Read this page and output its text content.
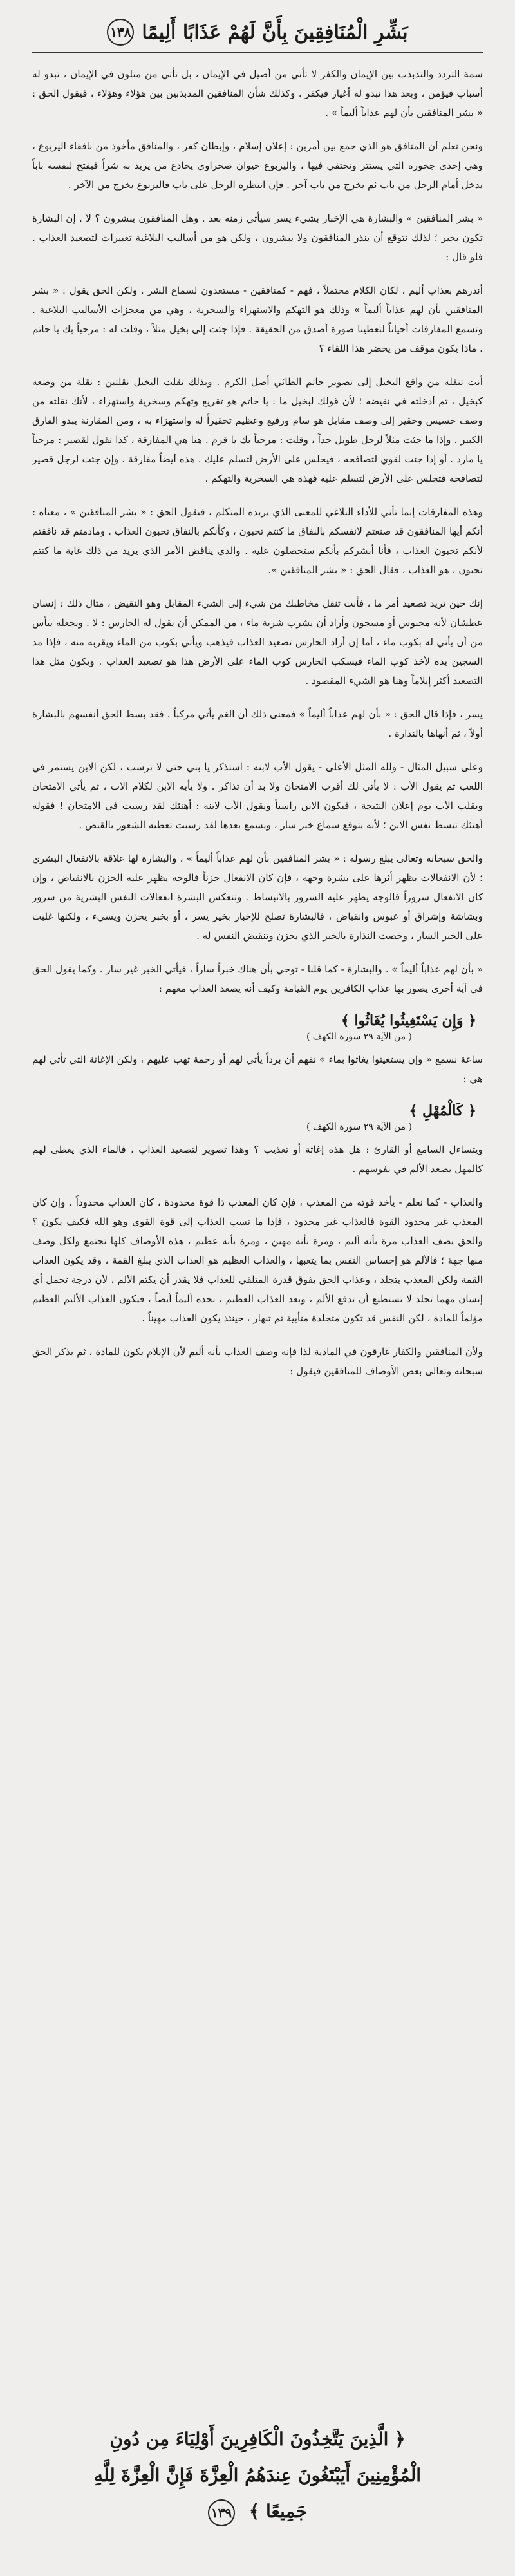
بَشِّرِ الْمُنَافِقِينَ بِأَنَّ لَهُمْ عَذَابًا أَلِيمًا
١٣٨

سمة التردد والتذبذب بين الإيمان والكفر لا تأتي من أصيل في الإيمان ، بل تأتي من متلون في الإيمان ، تبدو له أسباب فيؤمن ، وبعد هذا تبدو له أغيار فيكفر . وكذلك شأن المنافقين المذبذبين بين هؤلاء وهؤلاء ، فيقول الحق : « بشر المنافقين بأن لهم عذاباً أليماً » .

ونحن نعلم أن المنافق هو الذي جمع بين أمرين : إعلان إسلام ، وإبطان كفر ، والمنافق مأخوذ من نافقاء اليربوع ، وهي إحدى جحوره التي يستتر وتختفي فيها ، واليربوع حيوان صحراوي يخادع من يريد به شراً فيفتح لنفسه باباً يدخل أمام الرجل من باب ثم يخرج من باب آخر . فإن انتظره الرجل على باب فاليربوع يخرج من الآخر .

« بشر المنافقين » والبشارة هي الإخبار بشيء يسر سيأتي زمنه بعد . وهل المنافقون يبشرون ؟ لا . إن البشارة تكون بخير ؛ لذلك نتوقع أن ينذر المنافقون ولا يبشرون ، ولكن هو من أساليب البلاغية تعبيرات لتصعيد العذاب . فلو قال :

أنذرهم بعذاب أليم ، لكان الكلام محتملاً ، فهم - كمنافقين - مستعدون لسماع الشر . ولكن الحق يقول : « بشر المنافقين بأن لهم عذاباً أليماً » وذلك هو التهكم والاستهزاء والسخرية ، وهي من معجزات الأساليب البلاغية . وتسمع المفارقات أحياناً لتعطينا صورة أصدق من الحقيقة . فإذا جئت إلى بخيل مثلاً ، وقلت له : مرحباً بك يا حاتم . ماذا يكون موقف من يحضر هذا اللقاء ؟

أنت تنقله من واقع البخيل إلى تصوير حاتم الطائي أصل الكرم . وبذلك نقلت البخيل نقلتين : نقلة من وضعه كبخيل ، ثم أدخلته في نقيضه ؛ لأن قولك لبخيل ما : يا حاتم هو تقريع وتهكم وسخرية واستهزاء ، لأنك نقلته من وصف خسيس وحقير إلى وصف مقابل هو سام ورفيع وعظيم تحقيراً له واستهزاء به ، ومن المقارنة يبدو الفارق الكبير . وإذا ما جئت مثلاً لرجل طويل جداً ، وقلت : مرحباً بك يا قزم . هنا هي المفارقة ، كذا تقول لقصير : مرحباً يا مارد . أو إذا جئت لقوي لتصافحه ، فيجلس على الأرض لتسلم عليك . هذه أيضاً مفارقة . وإن جئت لرجل قصير لتصافحه فتجلس على الأرض لتسلم عليه فهذه هي السخرية والتهكم .

وهذه المفارقات إنما تأتي للأداء البلاغي للمعنى الذي يريده المتكلم ، فيقول الحق : « بشر المنافقين » ، معناه : أنكم أيها المنافقون قد صنعتم لأنفسكم بالنفاق ما كنتم تحبون ، وكأنكم بالنفاق تحبون العذاب . ومادمتم قد نافقتم لأنكم تحبون العذاب ، فأنا أبشركم بأنكم ستحصلون عليه . والذي يناقض الأمر الذي يريد من ذلك غاية ما كنتم تحبون ، هو العذاب ، فقال الحق : « بشر المنافقين ».

إنك حين تريد تصعيد أمر ما ، فأنت تنقل مخاطبك من شيء إلى الشيء المقابل وهو النقيض ، مثال ذلك : إنسان عطشان لأنه محبوس أو مسجون وأراد أن يشرب شربة ماء ، من الممكن أن يقول له الحارس : لا . ويجعله ييأس من أن يأتي له بكوب ماء ، أما إن أراد الحارس تصعيد العذاب فيذهب ويأتي بكوب من الماء ويقربه منه ، فإذا مد السجين يده لأخذ كوب الماء فيسكب الحارس كوب الماء على الأرض هذا هو تصعيد العذاب . ويكون مثل هذا التصعيد أكثر إيلاماً وهنا هو الشيء المقصود .

يسر ، فإذا قال الحق : « بأن لهم عذاباً أليماً » فمعنى ذلك أن الغم يأتي مركباً . فقد بسط الحق أنفسهم بالبشارة أولاً ، ثم أنهاها بالنذارة .

وعلى سبيل المثال - ولله المثل الأعلى - يقول الأب لابنه : استذكر يا بني حتى لا ترسب ، لكن الابن يستمر في اللعب ثم يقول الأب : لا يأتي لك أقرب الامتحان ولا بد أن تذاكر . ولا يأبه الابن لكلام الأب ، ثم يأتي الامتحان ويقلب الأب يوم إعلان النتيجة ، فيكون الابن راسباً ويقول الأب لابنه : أهنئك لقد رسبت في الامتحان ! فقوله أهنئك تبسط نفس الابن ؛ لأنه يتوقع سماع خبر سار ، ويسمع بعدها لقد رسبت تعطيه الشعور بالقبض .

والحق سبحانه وتعالى يبلغ رسوله : « بشر المنافقين بأن لهم عذاباً أليماً » ، والبشارة لها علاقة بالانفعال البشري ؛ لأن الانفعالات بظهر أثرها على بشرة وجهه ، فإن كان الانفعال حزناً فالوجه يظهر عليه الحزن بالانقباض ، وإن كان الانفعال سروراً فالوجه يظهر عليه السرور بالانبساط . وتنعكس البشرة انفعالات النفس البشرية من سرور وبشاشة وإشراق أو عبوس وانقباض ، فالبشارة تصلح للإخبار بخير يسر ، أو بخبر يحزن ويسيء ، ولكنها غلبت على الخبر السار ، وخصت النذارة بالخبر الذي يحزن وتنقبض النفس له .

« بأن لهم عذاباً أليماً » . والبشارة - كما قلنا - توحي بأن هناك خبراً ساراً ، فيأتي الخبر غير سار . وكما يقول الحق في آية أخرى يصور بها عذاب الكافرين يوم القيامة وكيف أنه يصعد العذاب معهم :

﴿ وَإِن يَسْتَغِيثُوا يُغَاثُوا ﴾
( من الآية ٢٩ سورة الكهف )

ساعة نسمع « وإن يستغيثوا يغاثوا بماء » نفهم أن برداً يأتي لهم أو رحمة تهب عليهم ، ولكن الإغاثة التي تأتي لهم هي :

﴿ كَالْمُهْلِ ﴾
( من الآية ٢٩ سورة الكهف )

ويتساءل السامع أو القارئ : هل هذه إغاثة أو تعذيب ؟ وهذا تصوير لتصعيد العذاب ، فالماء الذي يعطى لهم كالمهل يصعد الألم في نفوسهم .

والعذاب - كما نعلم - يأخذ قوته من المعذب ، فإن كان المعذب ذا قوة محدودة ، كان العذاب محدوداً . وإن كان المعذب غير محدود القوة فالعذاب غير محدود ، فإذا ما نسب العذاب إلى قوة القوي وهو الله فكيف يكون ؟ والحق يصف العذاب مرة بأنه أليم ، ومرة بأنه مهين ، ومرة بأنه عظيم ، هذه الأوصاف كلها تجتمع ولكل وصف منها جهة ؛ فالألم هو إحساس النفس بما يتعبها ، والعذاب العظيم هو العذاب الذي يبلغ القمة ، وقد يكون العذاب القمة ولكن المعذب يتجلد ، وعذاب الحق يفوق قدرة المتلقي للعذاب فلا يقدر أن يكتم الألم ، لأن درجة تحمل أي إنسان مهما تجلد لا تستطيع أن تدفع الألم ، وبعد العذاب العظيم ، نجده أليماً أيضاً ، فيكون العذاب الأليم العظيم مؤلماً للمادة ، لكن النفس قد تكون متجلدة متأبية ثم تنهار ، حينئذ يكون العذاب مهيناً .

ولأن المنافقين والكفار غارقون في المادية لذا فإنه وصف العذاب بأنه أليم لأن الإيلام يكون للمادة ، ثم يذكر الحق سبحانه وتعالى بعض الأوصاف للمنافقين فيقول :

﴿ الَّذِينَ يَتَّخِذُونَ الْكَافِرِينَ أَوْلِيَاءَ مِن دُونِ
الْمُؤْمِنِينَ أَيَبْتَغُونَ عِندَهُمُ الْعِزَّةَ فَإِنَّ الْعِزَّةَ لِلَّهِ
جَمِيعًا ﴾ ١٣٩
